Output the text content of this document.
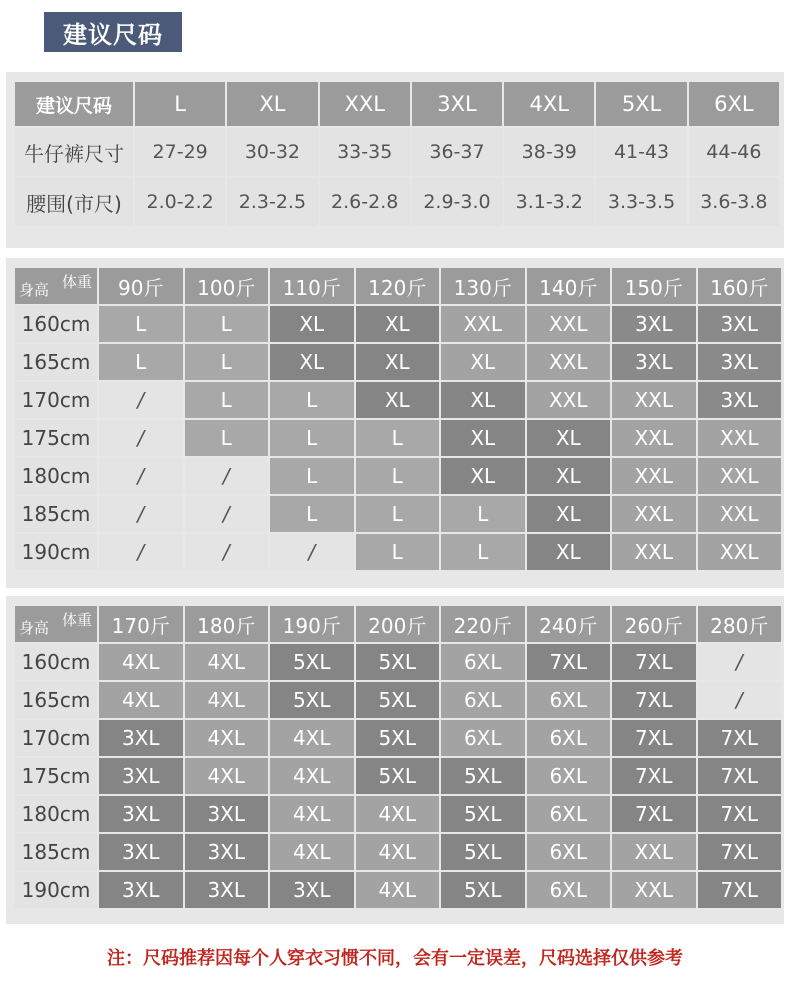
建议尺码
建议尺码	L	XL	XXL	3XL	4XL	5XL	6XL
牛仔裤尺寸	27-29	30-32	33-35	36-37	38-39	41-43	44-46
腰围(市尺)	2.0-2.2	2.3-2.5	2.6-2.8	2.9-3.0	3.1-3.2	3.3-3.5	3.6-3.8
体重
身高	90斤	100斤	110斤	120斤	130斤	140斤	150斤	160斤
160cm	L	L	XL	XL	XXL	XXL	3XL	3XL
165cm	L	L	XL	XL	XL	XXL	3XL	3XL
170cm	/	L	L	XL	XL	XXL	XXL	3XL
175cm	/	L	L	L	XL	XL	XXL	XXL
180cm	/	/	L	L	XL	XL	XXL	XXL
185cm	/	/	L	L	L	XL	XXL	XXL
190cm	/	/	/	L	L	XL	XXL	XXL
体重
身高	170斤	180斤	190斤	200斤	220斤	240斤	260斤	280斤
160cm	4XL	4XL	5XL	5XL	6XL	7XL	7XL	/
165cm	4XL	4XL	5XL	5XL	6XL	6XL	7XL	/
170cm	3XL	4XL	4XL	5XL	6XL	6XL	7XL	7XL
175cm	3XL	4XL	4XL	5XL	5XL	6XL	7XL	7XL
180cm	3XL	3XL	4XL	4XL	5XL	6XL	7XL	7XL
185cm	3XL	3XL	4XL	4XL	5XL	6XL	XXL	7XL
190cm	3XL	3XL	3XL	4XL	5XL	6XL	XXL	7XL
注：尺码推荐因每个人穿衣习惯不同，会有一定误差，尺码选择仅供参考
